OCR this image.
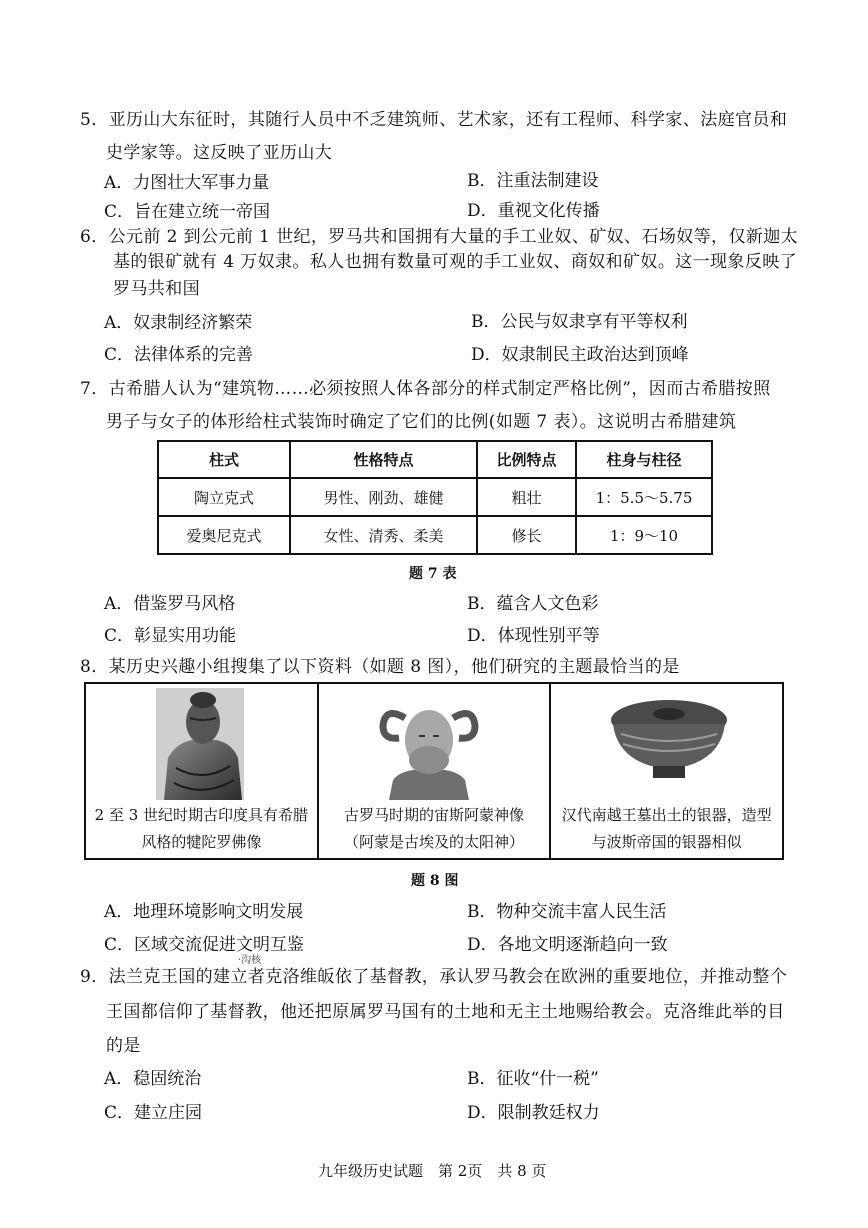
5．亚历山大东征时，其随行人员中不乏建筑师、艺术家，还有工程师、科学家、法庭官员和
史学家等。这反映了亚历山大
A．力图壮大军事力量	B．注重法制建设
C．旨在建立统一帝国	D．重视文化传播
6．公元前 2 到公元前 1 世纪，罗马共和国拥有大量的手工业奴、矿奴、石场奴等，仅新迦太
基的银矿就有 4 万奴隶。私人也拥有数量可观的手工业奴、商奴和矿奴。这一现象反映了
罗马共和国
A．奴隶制经济繁荣	B．公民与奴隶享有平等权利
C．法律体系的完善	D．奴隶制民主政治达到顶峰
7．古希腊人认为“建筑物……必须按照人体各部分的样式制定严格比例”，因而古希腊按照
男子与女子的体形给柱式装饰时确定了它们的比例(如题 7 表）。这说明古希腊建筑
柱式	性格特点	比例特点	柱身与柱径
陶立克式	男性、刚劲、雄健	粗壮	1：5.5～5.75
爱奥尼克式	女性、清秀、柔美	修长	1：9～10
题 7 表
A．借鉴罗马风格	B．蕴含人文色彩
C．彰显实用功能	D．体现性别平等
8．某历史兴趣小组搜集了以下资料（如题 8 图），他们研究的主题最恰当的是
2 至 3 世纪时期古印度具有希腊
风格的犍陀罗佛像
古罗马时期的宙斯阿蒙神像
（阿蒙是古埃及的太阳神）
汉代南越王墓出土的银器，造型
与波斯帝国的银器相似
题 8 图
A．地理环境影响文明发展	B．物种交流丰富人民生活
C．区域交流促进文明互鉴	D．各地文明逐渐趋向一致
·沟核
9．法兰克王国的建立者克洛维皈依了基督教，承认罗马教会在欧洲的重要地位，并推动整个
王国都信仰了基督教，他还把原属罗马国有的土地和无主土地赐给教会。克洛维此举的目
的是
A．稳固统治	B．征收“什一税”
C．建立庄园	D．限制教廷权力
九年级历史试题　第 2页　共 8 页
